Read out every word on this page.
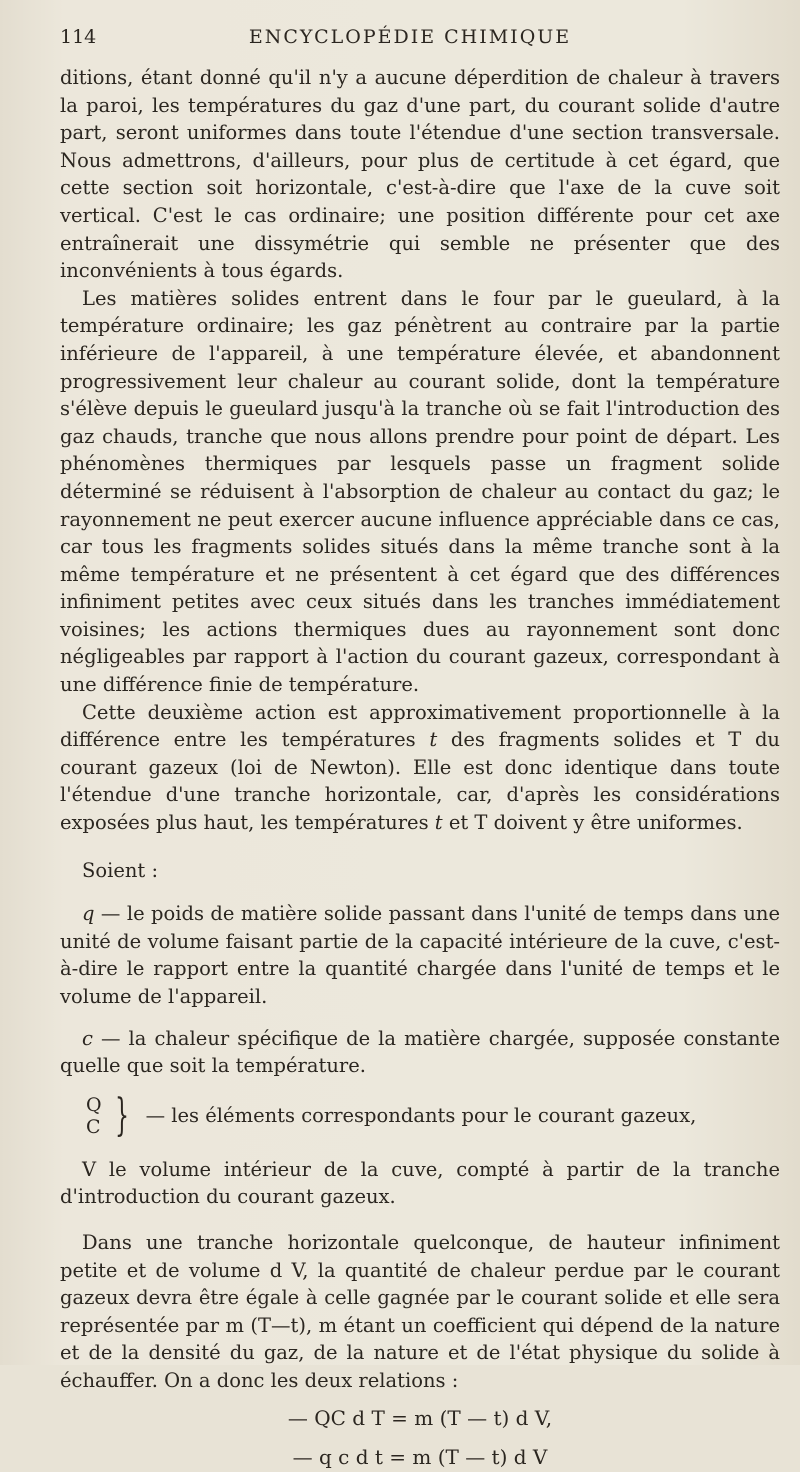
114	ENCYCLOPÉDIE CHIMIQUE

ditions, étant donné qu'il n'y a aucune déperdition de chaleur à travers la paroi, les températures du gaz d'une part, du courant solide d'autre part, seront uniformes dans toute l'étendue d'une section transversale. Nous admettrons, d'ailleurs, pour plus de certitude à cet égard, que cette section soit horizontale, c'est-à-dire que l'axe de la cuve soit vertical. C'est le cas ordinaire; une position différente pour cet axe entraînerait une dissymétrie qui semble ne présenter que des inconvénients à tous égards.

Les matières solides entrent dans le four par le gueulard, à la température ordinaire; les gaz pénètrent au contraire par la partie inférieure de l'appareil, à une température élevée, et abandonnent progressivement leur chaleur au courant solide, dont la température s'élève depuis le gueulard jusqu'à la tranche où se fait l'introduction des gaz chauds, tranche que nous allons prendre pour point de départ. Les phénomènes thermiques par lesquels passe un fragment solide déterminé se réduisent à l'absorption de chaleur au contact du gaz; le rayonnement ne peut exercer aucune influence appréciable dans ce cas, car tous les fragments solides situés dans la même tranche sont à la même température et ne présentent à cet égard que des différences infiniment petites avec ceux situés dans les tranches immédiatement voisines; les actions thermiques dues au rayonnement sont donc négligeables par rapport à l'action du courant gazeux, correspondant à une différence finie de température.

Cette deuxième action est approximativement proportionnelle à la différence entre les températures t des fragments solides et T du courant gazeux (loi de Newton). Elle est donc identique dans toute l'étendue d'une tranche horizontale, car, d'après les considérations exposées plus haut, les températures t et T doivent y être uniformes.

Soient :

q — le poids de matière solide passant dans l'unité de temps dans une unité de volume faisant partie de la capacité intérieure de la cuve, c'est-à-dire le rapport entre la quantité chargée dans l'unité de temps et le volume de l'appareil.

c — la chaleur spécifique de la matière chargée, supposée constante quelle que soit la température.

Q
C } — les éléments correspondants pour le courant gazeux,

V le volume intérieur de la cuve, compté à partir de la tranche d'introduction du courant gazeux.

Dans une tranche horizontale quelconque, de hauteur infiniment petite et de volume d V, la quantité de chaleur perdue par le courant gazeux devra être égale à celle gagnée par le courant solide et elle sera représentée par m (T—t), m étant un coefficient qui dépend de la nature et de la densité du gaz, de la nature et de l'état physique du solide à échauffer. On a donc les deux relations :

— QC d T = m (T — t) d V,
— q c d t = m (T — t) d V
